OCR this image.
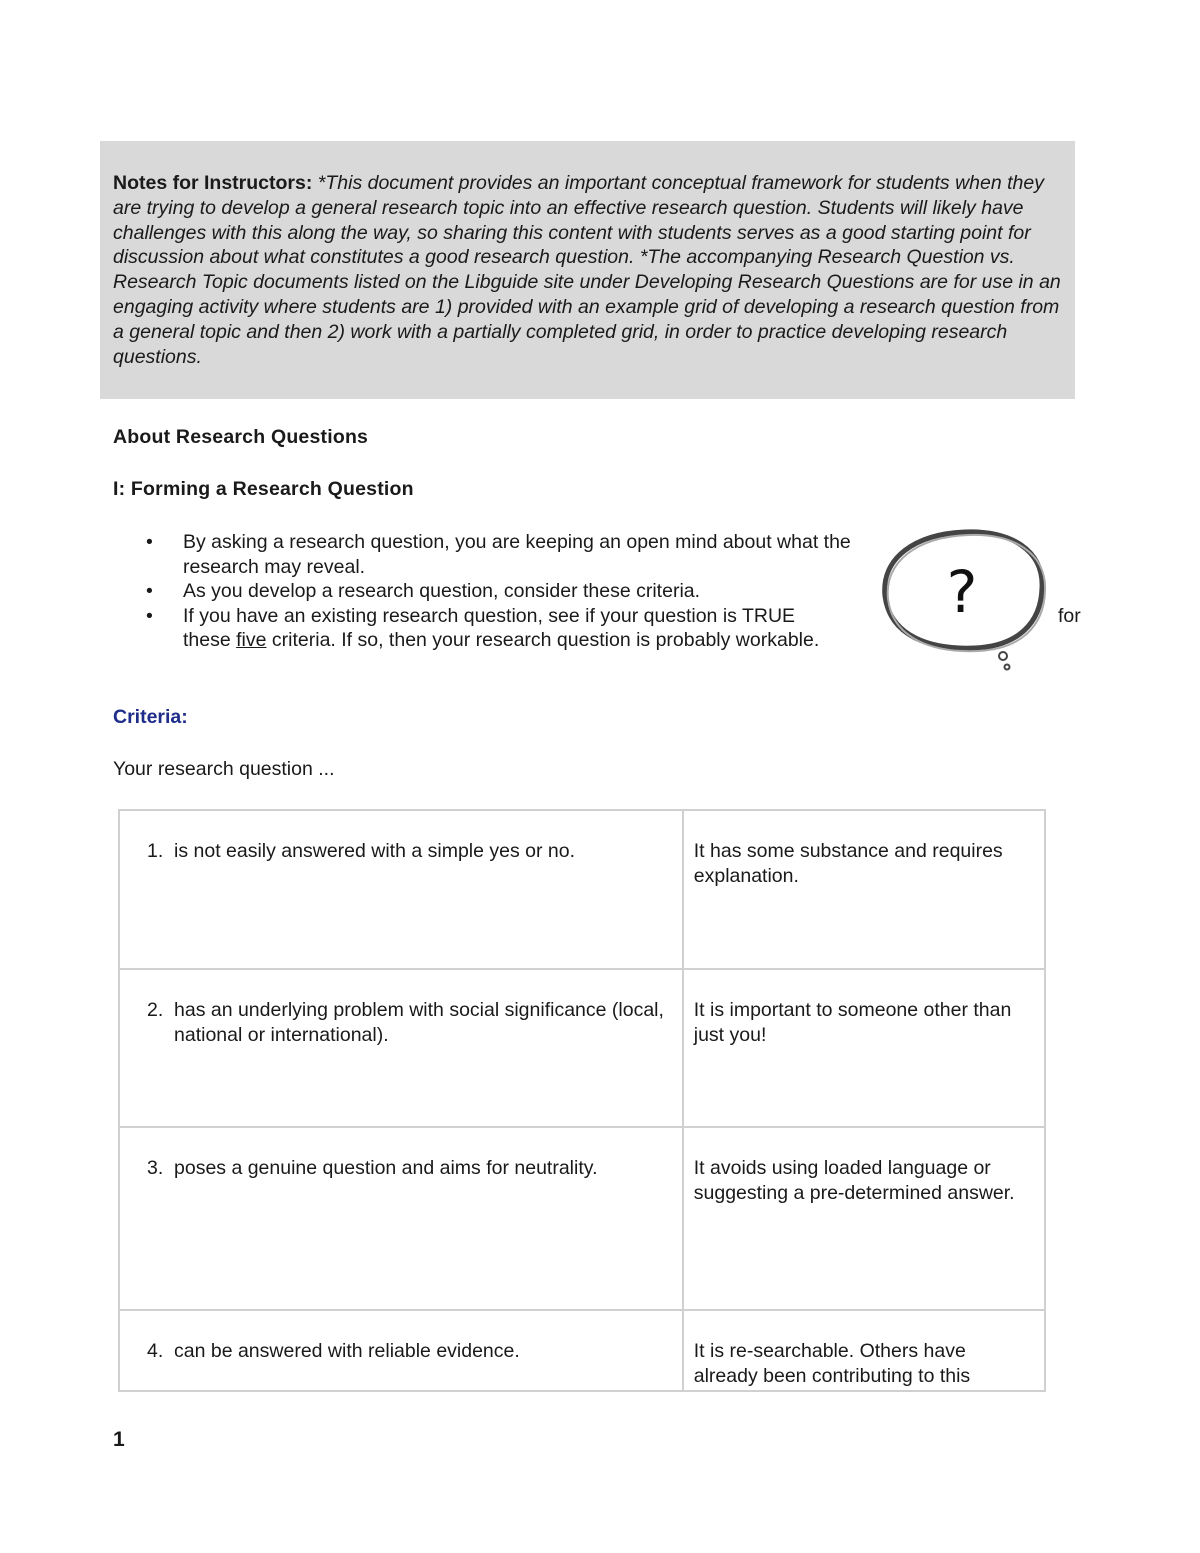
Notes for Instructors: *This document provides an important conceptual framework for students when they are trying to develop a general research topic into an effective research question. Students will likely have challenges with this along the way, so sharing this content with students serves as a good starting point for discussion about what constitutes a good research question. *The accompanying Research Question vs. Research Topic documents listed on the Libguide site under Developing Research Questions are for use in an engaging activity where students are 1) provided with an example grid of developing a research question from a general topic and then 2) work with a partially completed grid, in order to practice developing research questions.
About Research Questions
I: Forming a Research Question
• By asking a research question, you are keeping an open mind about what the research may reveal.
• As you develop a research question, consider these criteria.
• If you have an existing research question, see if your question is TRUE
these five criteria. If so, then your research question is probably workable.
for
?
Criteria:
Your research question ...
1. is not easily answered with a simple yes or no.	It has some substance and requires explanation.

2. has an underlying problem with social significance (local, national or international).	It is important to someone other than just you!

3. poses a genuine question and aims for neutrality.	It avoids using loaded language or suggesting a pre-determined answer.

4. can be answered with reliable evidence.	It is re-searchable. Others have already been contributing to this
1
